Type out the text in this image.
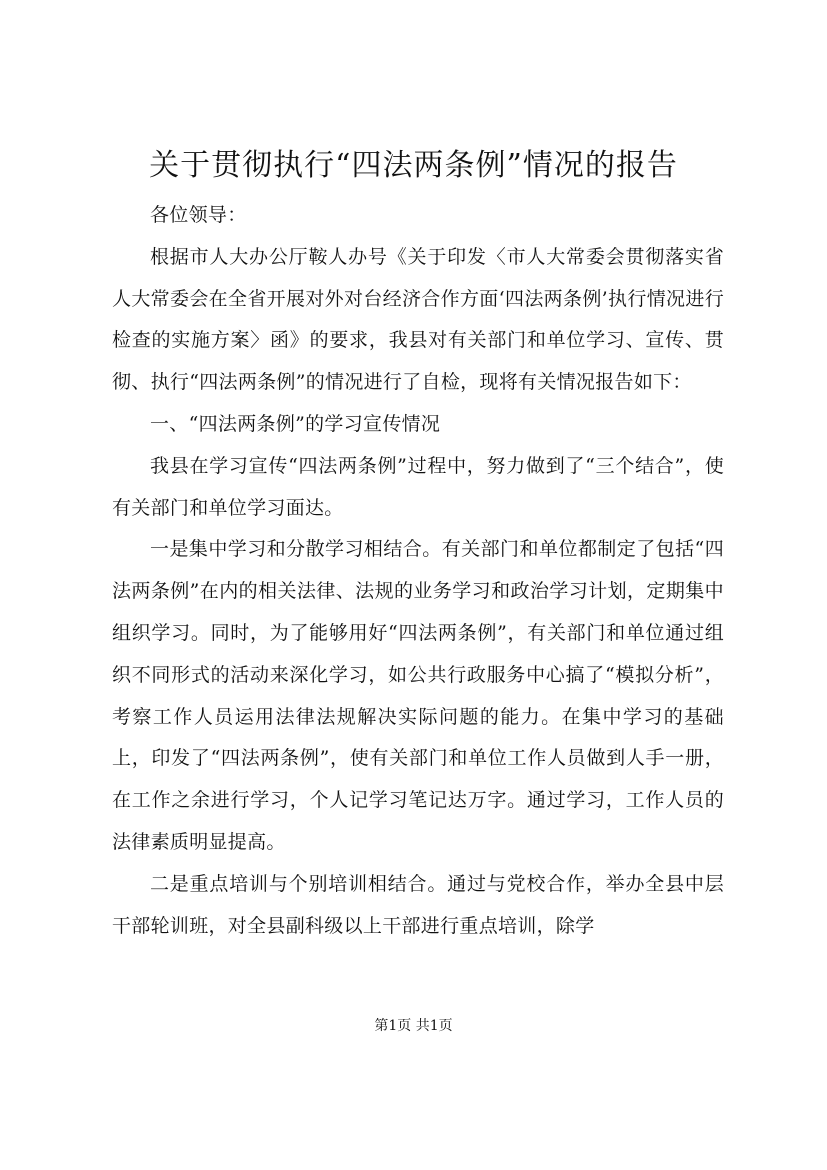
关于贯彻执行“四法两条例”情况的报告

各位领导：

根据市人大办公厅鞍人办号《关于印发〈市人大常委会贯彻落实省人大常委会在全省开展对外对台经济合作方面‘四法两条例’执行情况进行检查的实施方案〉函》的要求，我县对有关部门和单位学习、宣传、贯彻、执行“四法两条例”的情况进行了自检，现将有关情况报告如下：

一、“四法两条例”的学习宣传情况

我县在学习宣传“四法两条例”过程中，努力做到了“三个结合”，使有关部门和单位学习面达。

一是集中学习和分散学习相结合。有关部门和单位都制定了包括“四法两条例”在内的相关法律、法规的业务学习和政治学习计划，定期集中组织学习。同时，为了能够用好“四法两条例”，有关部门和单位通过组织不同形式的活动来深化学习，如公共行政服务中心搞了“模拟分析”，考察工作人员运用法律法规解决实际问题的能力。在集中学习的基础上，印发了“四法两条例”，使有关部门和单位工作人员做到人手一册，在工作之余进行学习，个人记学习笔记达万字。通过学习，工作人员的法律素质明显提高。

二是重点培训与个别培训相结合。通过与党校合作，举办全县中层干部轮训班，对全县副科级以上干部进行重点培训，除学

第1页 共1页
